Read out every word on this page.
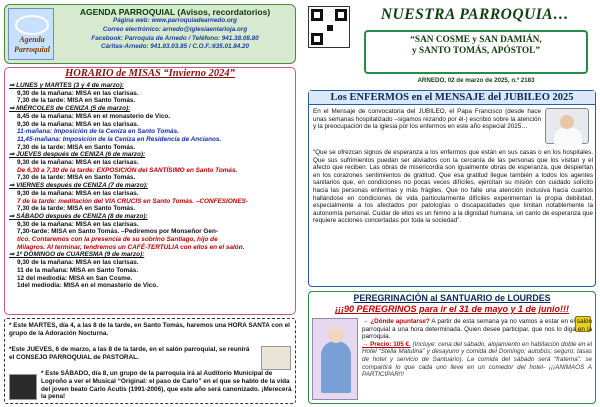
Agenda
Parroquial
AGENDA PARROQUIAL (Avisos, recordatorios)
Página web: www.parroquiadearnedo.org
Correo electrónico: arnedo@iglesiaenlarioja.org
Facebook: Parroquia de Arnedo / Teléfono: 941.38.08.80
Cáritas-Arnedo: 941.83.03.85 / C.O.F.:635.01.84.20
HORARIO de MISAS “Invierno 2024”
⇒ LUNES y MARTES (3 y 4 de marzo):
9,30 de la mañana: MISA en las clarisas.
7,30 de la tarde: MISA en Santo Tomás.
⇒ MIÉRCOLES de CENIZA (5 de marzo):
8,45 de la mañana: MISA en el monasterio de Vico.
9,30 de la mañana: MISA en las clarisas.
11-mañana: Imposición de la Ceniza en Santo Tomás.
11,45-mañana: Imposición de la Ceniza en Residencia de Ancianos.
7,30 de la tarde: MISA en Santo Tomás.
⇒ JUEVES después de CENIZA (6 de marzo):
9,30 de la mañana: MISA en las clarisas.
De 6,30 a 7,30 de la tarde: EXPOSICIÓN del SANTÍSIMO en Santo Tomás.
7,30 de la tarde: MISA en Santo Tomás.
⇒ VIERNES después de CENIZA (7 de marzo):
9,30 de la mañana: MISA en las clarisas.
7 de la tarde: meditación del VIA CRUCIS en Santo Tomás. –CONFESIONES-
7,30 de la tarde: MISA en Santo Tomás.
⇒ SÁBADO después de CENIZA (8 de marzo):
9,30 de la mañana: MISA en las clarisas.
7,30-tarde: MISA en Santo Tomás. –Pediremos por Monseñor Gen-
tico. Contaremos con la presencia de su sobrino Santiago, hijo de
Milagros. Al terminar, tendremos un CAFÉ-TERTULIA con ellos en el salón.
⇒ 1º DOMINGO de CUARESMA (9 de marzo):
9,30 de la mañana: MISA en las clarisas.
11 de la mañana: MISA en Santo Tomás.
12 del mediodía: MISA en San Cosme.
1del mediodía: MISA en el monasterio de Vico.
* Este MARTES, día 4, a las 8 de la tarde, en Santo Tomás, haremos una HORA SANTA con el grupo de la Adoración Nocturna.
*Este JUEVES, 6 de marzo, a las 8 de la tarde, en el salón parroquial, se reunirá el CONSEJO PARROQUIAL de PASTORAL.
* Este SÁBADO, día 8, un grupo de la parroquia irá al Auditorio Municipal de Logroño a ver el Musical “Original: el paso de Carlo” en el que se hablo de la vida del joven beato Carlo Acutis (1991-2006), que este año será canonizado. ¡Merecerá la pena!
NUESTRA PARROQUIA…
“SAN COSME y SAN DAMIÁN,
y SANTO TOMÁS, APÓSTOL”
ARNEDO, 02 de marzo de 2025, n.º 2183
Los ENFERMOS en el MENSAJE del JUBILEO 2025
En el Mensaje de convocatoria del JUBILEO, el Papa Francisco (desde hace unas semanas hospitalizado –sigamos rezando por él-) escribió sobre la atención y la preocupación de la iglesia por los enfermos en este año especial 2025…
“Que se ofrezcan signos de esperanza a los enfermos que están en sus casas o en los hospitales. Que sus sufrimientos puedan ser aliviados con la cercanía de las personas que los visitan y el afecto que reciben. Las obras de misericordia son igualmente obras de esperanza, que despiertan en los corazones sentimientos de gratitud. Que esa gratitud llegue también a todos los agentes sanitarios que, en condiciones no pocas veces difíciles, ejercitan su misión con cuidado solícito hacia las personas enfermas y más frágiles. Que no falte una atención inclusiva hacia cuantos hallándose en condiciones de vida particularmente difíciles experimentan la propia debilidad, especialmente a los afectados por patologías o discapacidades que limitan notablemente la autonomía personal. Cuidar de ellos es un himno a la dignidad humana, un canto de esperanza que requiere acciones concertadas por toda la sociedad”.
PEREGRINACIÓN al SANTUARIO de LOURDES
¡¡¡90 PEREGRINOS para ir el 31 de mayo y 1 de junio!!!
→ ¿Dónde apuntarse? A partir de esta semana ya no vamos a estar en el salón parroquial a una hora determinada. Quien desee participar, que nos lo diga en la parroquia.
→ Precio: 105 €. (Incluye: cena del sábado, alojamiento en habitación doble en el Hotel “Stella Matutina” y desayuno y comida del Domingo; autobús; seguro; tasas de hotel y servicio de Santuario). La comida del sábado será “fraterna”: se compartirá lo que cada uno lleve en un comedor del hotel- ¡¡¡ANIMAOS A PARTICIPAR!!!
